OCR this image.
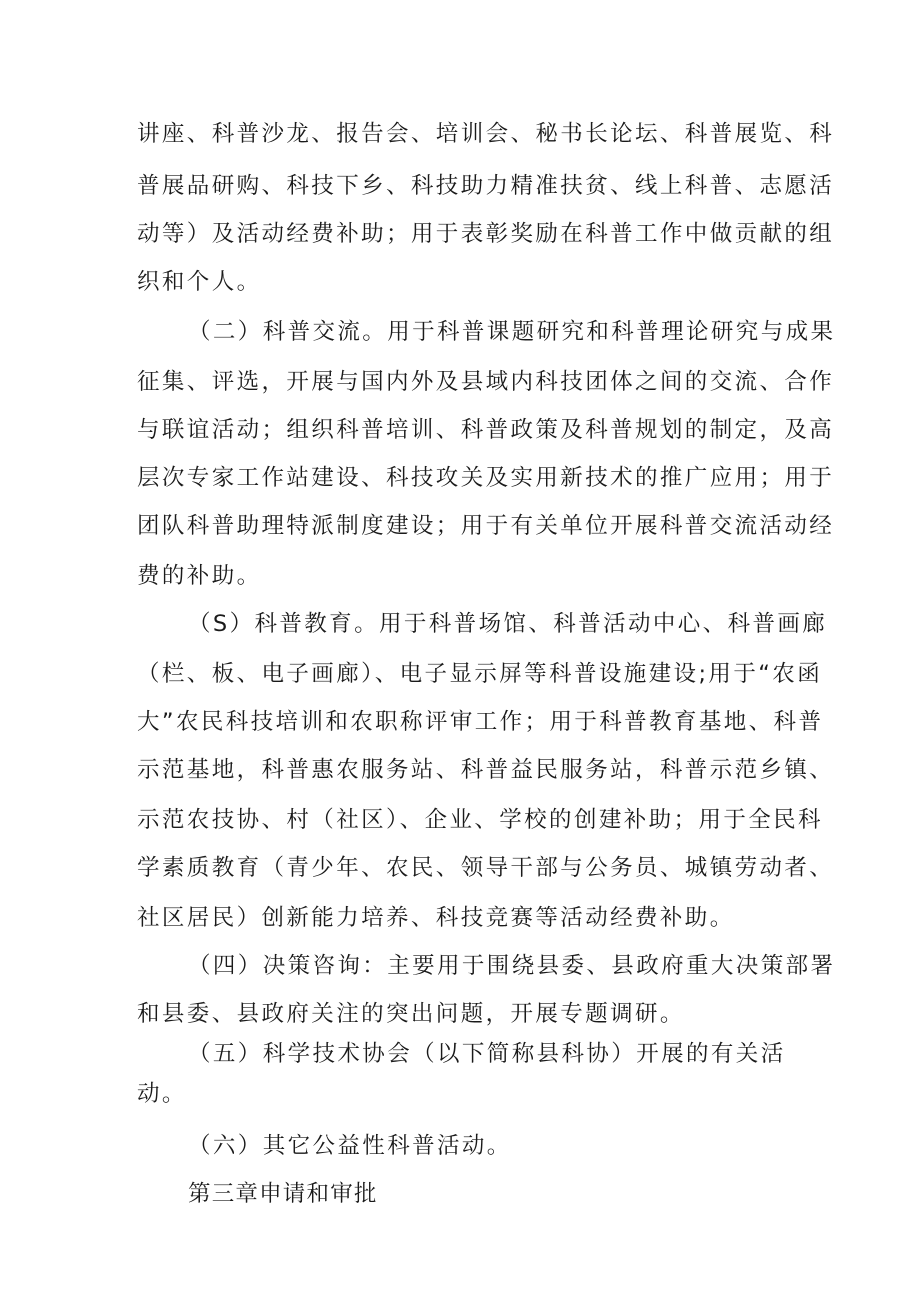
讲座、科普沙龙、报告会、培训会、秘书长论坛、科普展览、科

普展品研购、科技下乡、科技助力精准扶贫、线上科普、志愿活

动等）及活动经费补助；用于表彰奖励在科普工作中做贡献的组

织和个人。

（二）科普交流。用于科普课题研究和科普理论研究与成果

征集、评选，开展与国内外及县域内科技团体之间的交流、合作

与联谊活动；组织科普培训、科普政策及科普规划的制定，及高

层次专家工作站建设、科技攻关及实用新技术的推广应用；用于

团队科普助理特派制度建设；用于有关单位开展科普交流活动经

费的补助。

（S）科普教育。用于科普场馆、科普活动中心、科普画廊

（栏、板、电子画廊）、电子显示屏等科普设施建设;用于“农函

大”农民科技培训和农职称评审工作；用于科普教育基地、科普

示范基地，科普惠农服务站、科普益民服务站，科普示范乡镇、

示范农技协、村（社区）、企业、学校的创建补助；用于全民科

学素质教育（青少年、农民、领导干部与公务员、城镇劳动者、

社区居民）创新能力培养、科技竞赛等活动经费补助。

（四）决策咨询：主要用于围绕县委、县政府重大决策部署

和县委、县政府关注的突出问题，开展专题调研。

（五）科学技术协会（以下简称县科协）开展的有关活

动。

（六）其它公益性科普活动。

第三章申请和审批
